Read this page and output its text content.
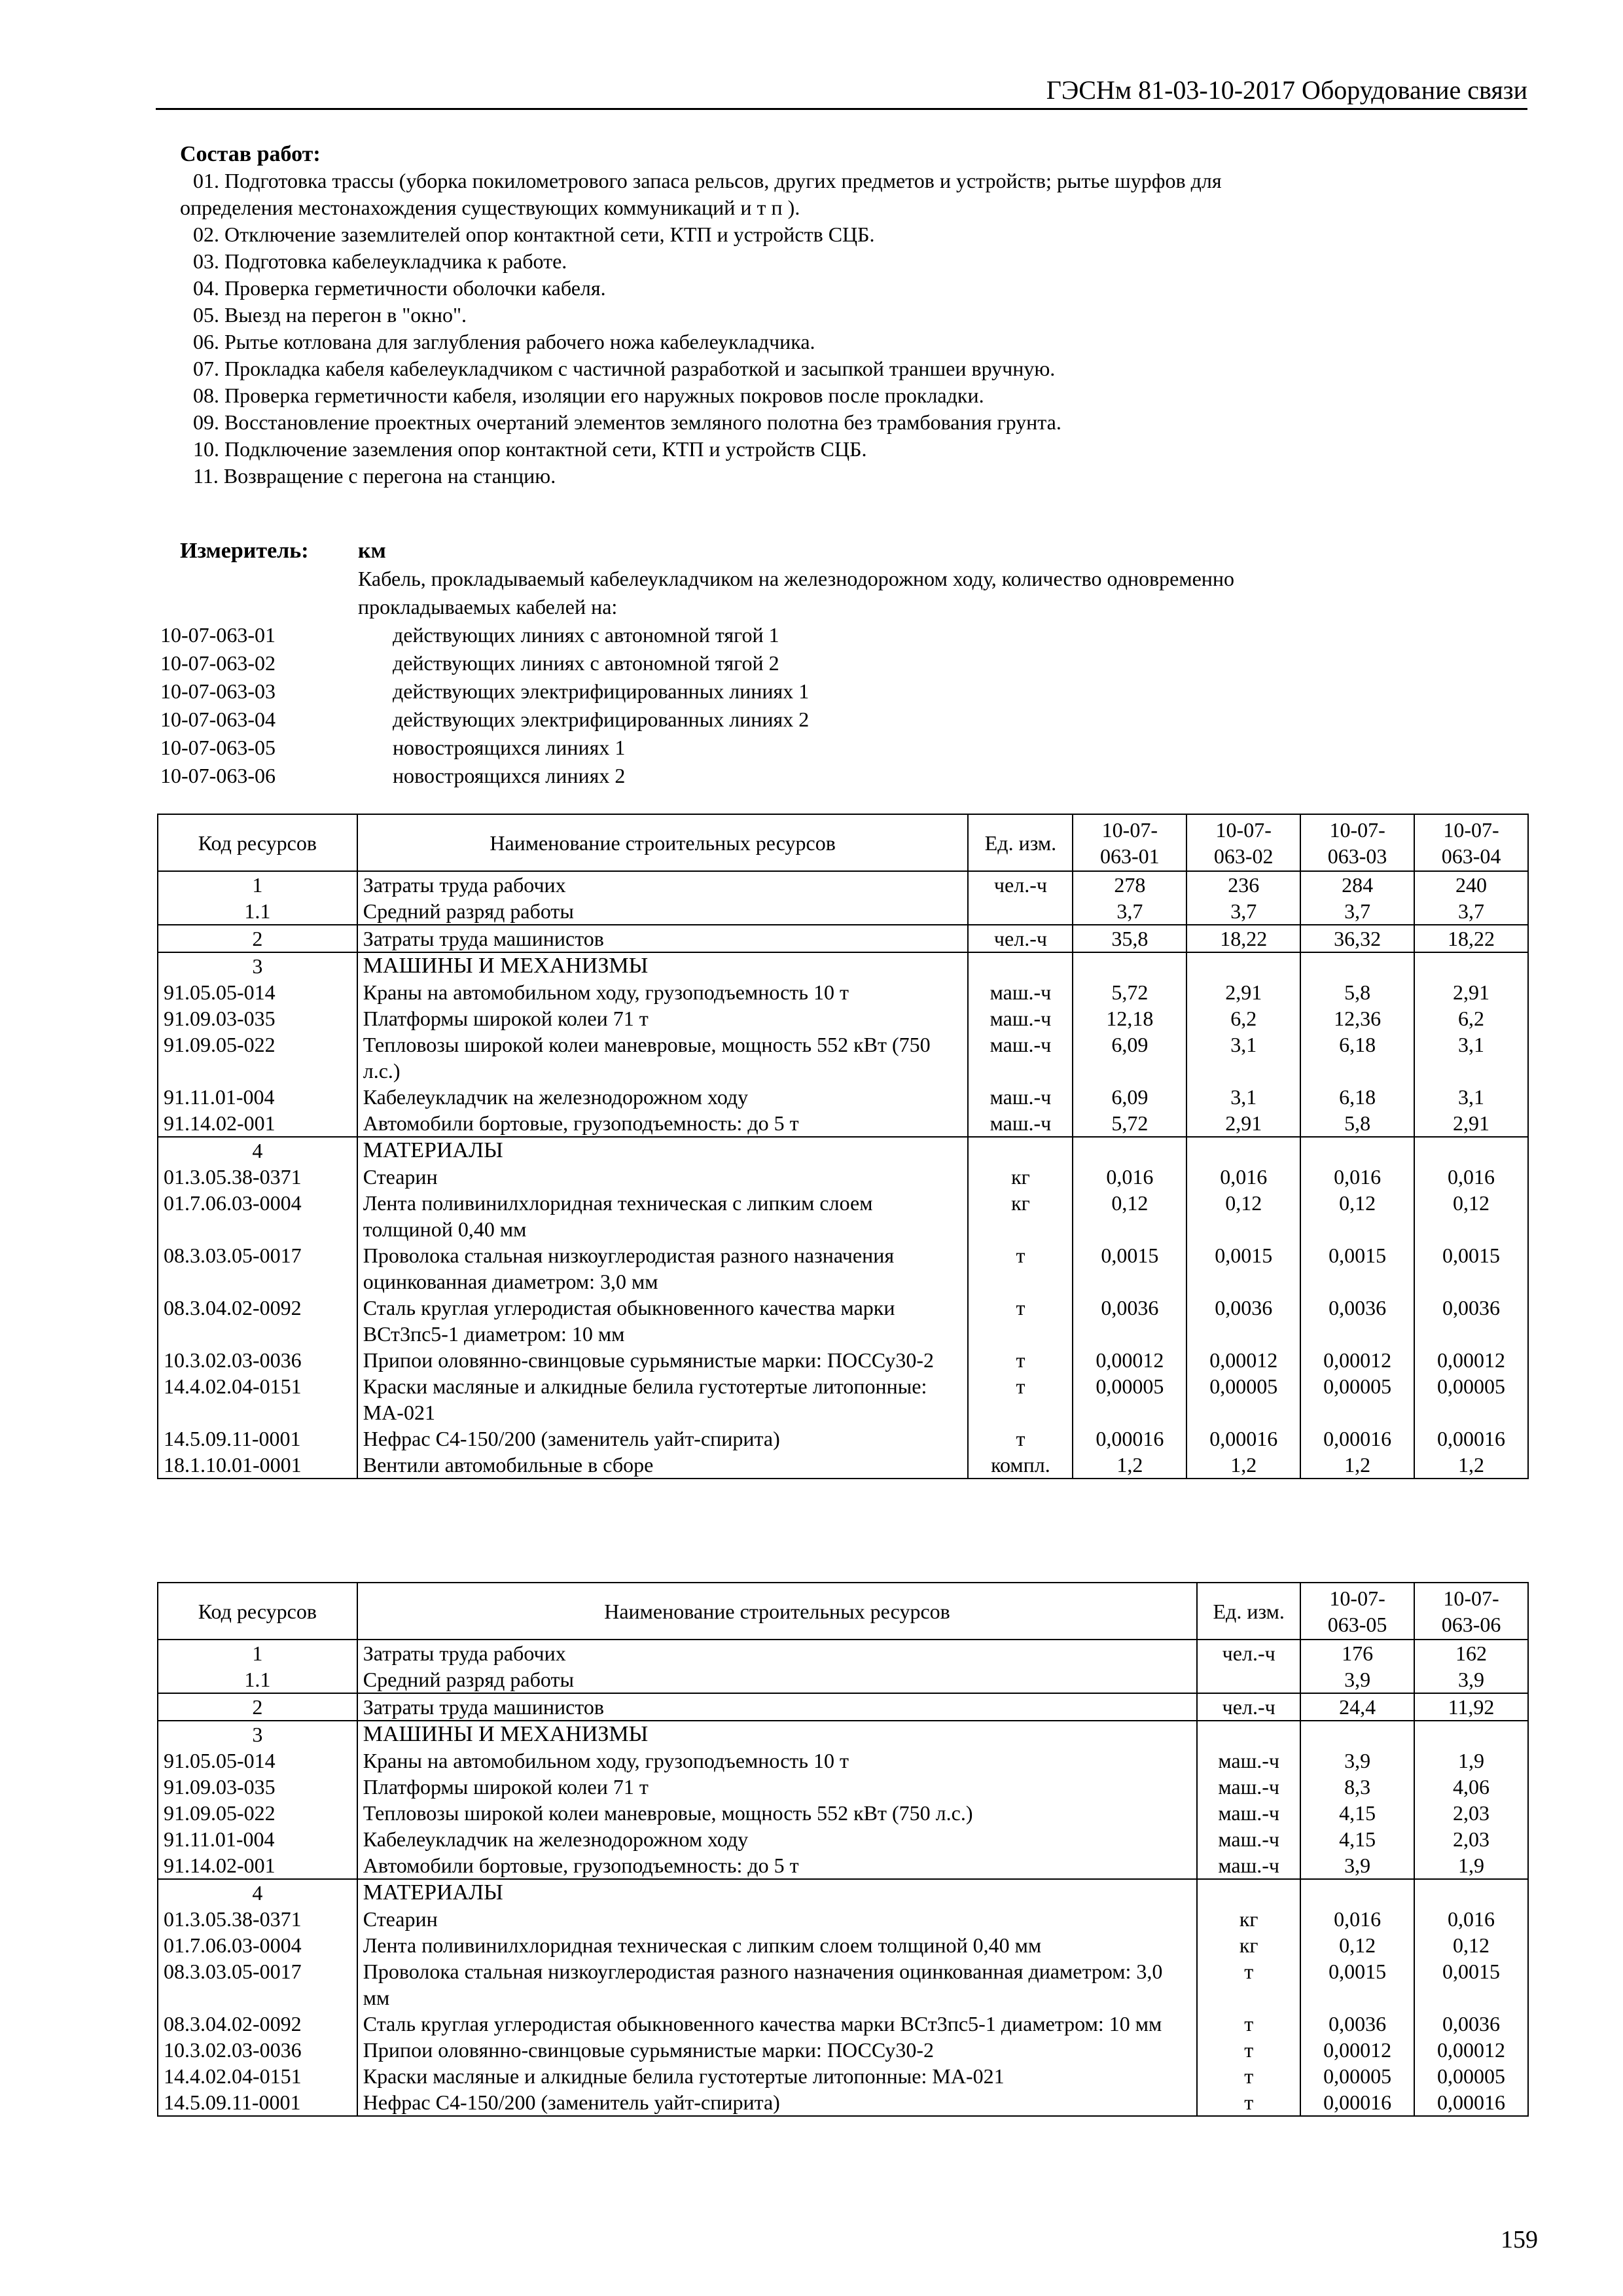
ГЭСНм 81-03-10-2017 Оборудование связи
Состав работ:
01. Подготовка трассы (уборка покилометрового запаса рельсов, других предметов и устройств; рытье шурфов для
определения местонахождения существующих коммуникаций и т п ).
02. Отключение заземлителей опор контактной сети, КТП и устройств СЦБ.
03. Подготовка кабелеукладчика к работе.
04. Проверка герметичности оболочки кабеля.
05. Выезд на перегон в "окно".
06. Рытье котлована для заглубления рабочего ножа кабелеукладчика.
07. Прокладка кабеля кабелеукладчиком с частичной разработкой и засыпкой траншеи вручную.
08. Проверка герметичности кабеля, изоляции его наружных покровов после прокладки.
09. Восстановление проектных очертаний элементов земляного полотна без трамбования грунта.
10. Подключение заземления опор контактной сети, КТП и устройств СЦБ.
11. Возвращение с перегона на станцию.
Измеритель: км
Кабель, прокладываемый кабелеукладчиком на железнодорожном ходу, количество одновременно
прокладываемых кабелей на:
10-07-063-01	действующих линиях с автономной тягой 1
10-07-063-02	действующих линиях с автономной тягой 2
10-07-063-03	действующих электрифицированных линиях 1
10-07-063-04	действующих электрифицированных линиях 2
10-07-063-05	новостроящихся линиях 1
10-07-063-06	новостроящихся линиях 2
Код ресурсов	Наименование строительных ресурсов	Ед. изм.	10-07-
063-01	10-07-
063-02	10-07-
063-03	10-07-
063-04
1	Затраты труда рабочих	чел.-ч	278	236	284	240
1.1	Средний разряд работы		3,7	3,7	3,7	3,7
2	Затраты труда машинистов	чел.-ч	35,8	18,22	36,32	18,22
3	МАШИНЫ И МЕХАНИЗМЫ					
91.05.05-014	Краны на автомобильном ходу, грузоподъемность 10 т	маш.-ч	5,72	2,91	5,8	2,91
91.09.03-035	Платформы широкой колеи 71 т	маш.-ч	12,18	6,2	12,36	6,2
91.09.05-022	Тепловозы широкой колеи маневровые, мощность 552 кВт (750 л.с.)	маш.-ч	6,09	3,1	6,18	3,1
91.11.01-004	Кабелеукладчик на железнодорожном ходу	маш.-ч	6,09	3,1	6,18	3,1
91.14.02-001	Автомобили бортовые, грузоподъемность: до 5 т	маш.-ч	5,72	2,91	5,8	2,91
4	МАТЕРИАЛЫ					
01.3.05.38-0371	Стеарин	кг	0,016	0,016	0,016	0,016
01.7.06.03-0004	Лента поливинилхлоридная техническая с липким слоем толщиной 0,40 мм	кг	0,12	0,12	0,12	0,12
08.3.03.05-0017	Проволока стальная низкоуглеродистая разного назначения оцинкованная диаметром: 3,0 мм	т	0,0015	0,0015	0,0015	0,0015
08.3.04.02-0092	Сталь круглая углеродистая обыкновенного качества марки ВСт3пс5-1 диаметром: 10 мм	т	0,0036	0,0036	0,0036	0,0036
10.3.02.03-0036	Припои оловянно-свинцовые сурьмянистые марки: ПОССу30-2	т	0,00012	0,00012	0,00012	0,00012
14.4.02.04-0151	Краски масляные и алкидные белила густотертые литопонные: МА-021	т	0,00005	0,00005	0,00005	0,00005
14.5.09.11-0001	Нефрас С4-150/200 (заменитель уайт-спирита)	т	0,00016	0,00016	0,00016	0,00016
18.1.10.01-0001	Вентили автомобильные в сборе	компл.	1,2	1,2	1,2	1,2
Код ресурсов	Наименование строительных ресурсов	Ед. изм.	10-07-
063-05	10-07-
063-06
1	Затраты труда рабочих	чел.-ч	176	162
1.1	Средний разряд работы		3,9	3,9
2	Затраты труда машинистов	чел.-ч	24,4	11,92
3	МАШИНЫ И МЕХАНИЗМЫ			
91.05.05-014	Краны на автомобильном ходу, грузоподъемность 10 т	маш.-ч	3,9	1,9
91.09.03-035	Платформы широкой колеи 71 т	маш.-ч	8,3	4,06
91.09.05-022	Тепловозы широкой колеи маневровые, мощность 552 кВт (750 л.с.)	маш.-ч	4,15	2,03
91.11.01-004	Кабелеукладчик на железнодорожном ходу	маш.-ч	4,15	2,03
91.14.02-001	Автомобили бортовые, грузоподъемность: до 5 т	маш.-ч	3,9	1,9
4	МАТЕРИАЛЫ			
01.3.05.38-0371	Стеарин	кг	0,016	0,016
01.7.06.03-0004	Лента поливинилхлоридная техническая с липким слоем толщиной 0,40 мм	кг	0,12	0,12
08.3.03.05-0017	Проволока стальная низкоуглеродистая разного назначения оцинкованная диаметром: 3,0 мм	т	0,0015	0,0015
08.3.04.02-0092	Сталь круглая углеродистая обыкновенного качества марки ВСт3пс5-1 диаметром: 10 мм	т	0,0036	0,0036
10.3.02.03-0036	Припои оловянно-свинцовые сурьмянистые марки: ПОССу30-2	т	0,00012	0,00012
14.4.02.04-0151	Краски масляные и алкидные белила густотертые литопонные: МА-021	т	0,00005	0,00005
14.5.09.11-0001	Нефрас С4-150/200 (заменитель уайт-спирита)	т	0,00016	0,00016
159
